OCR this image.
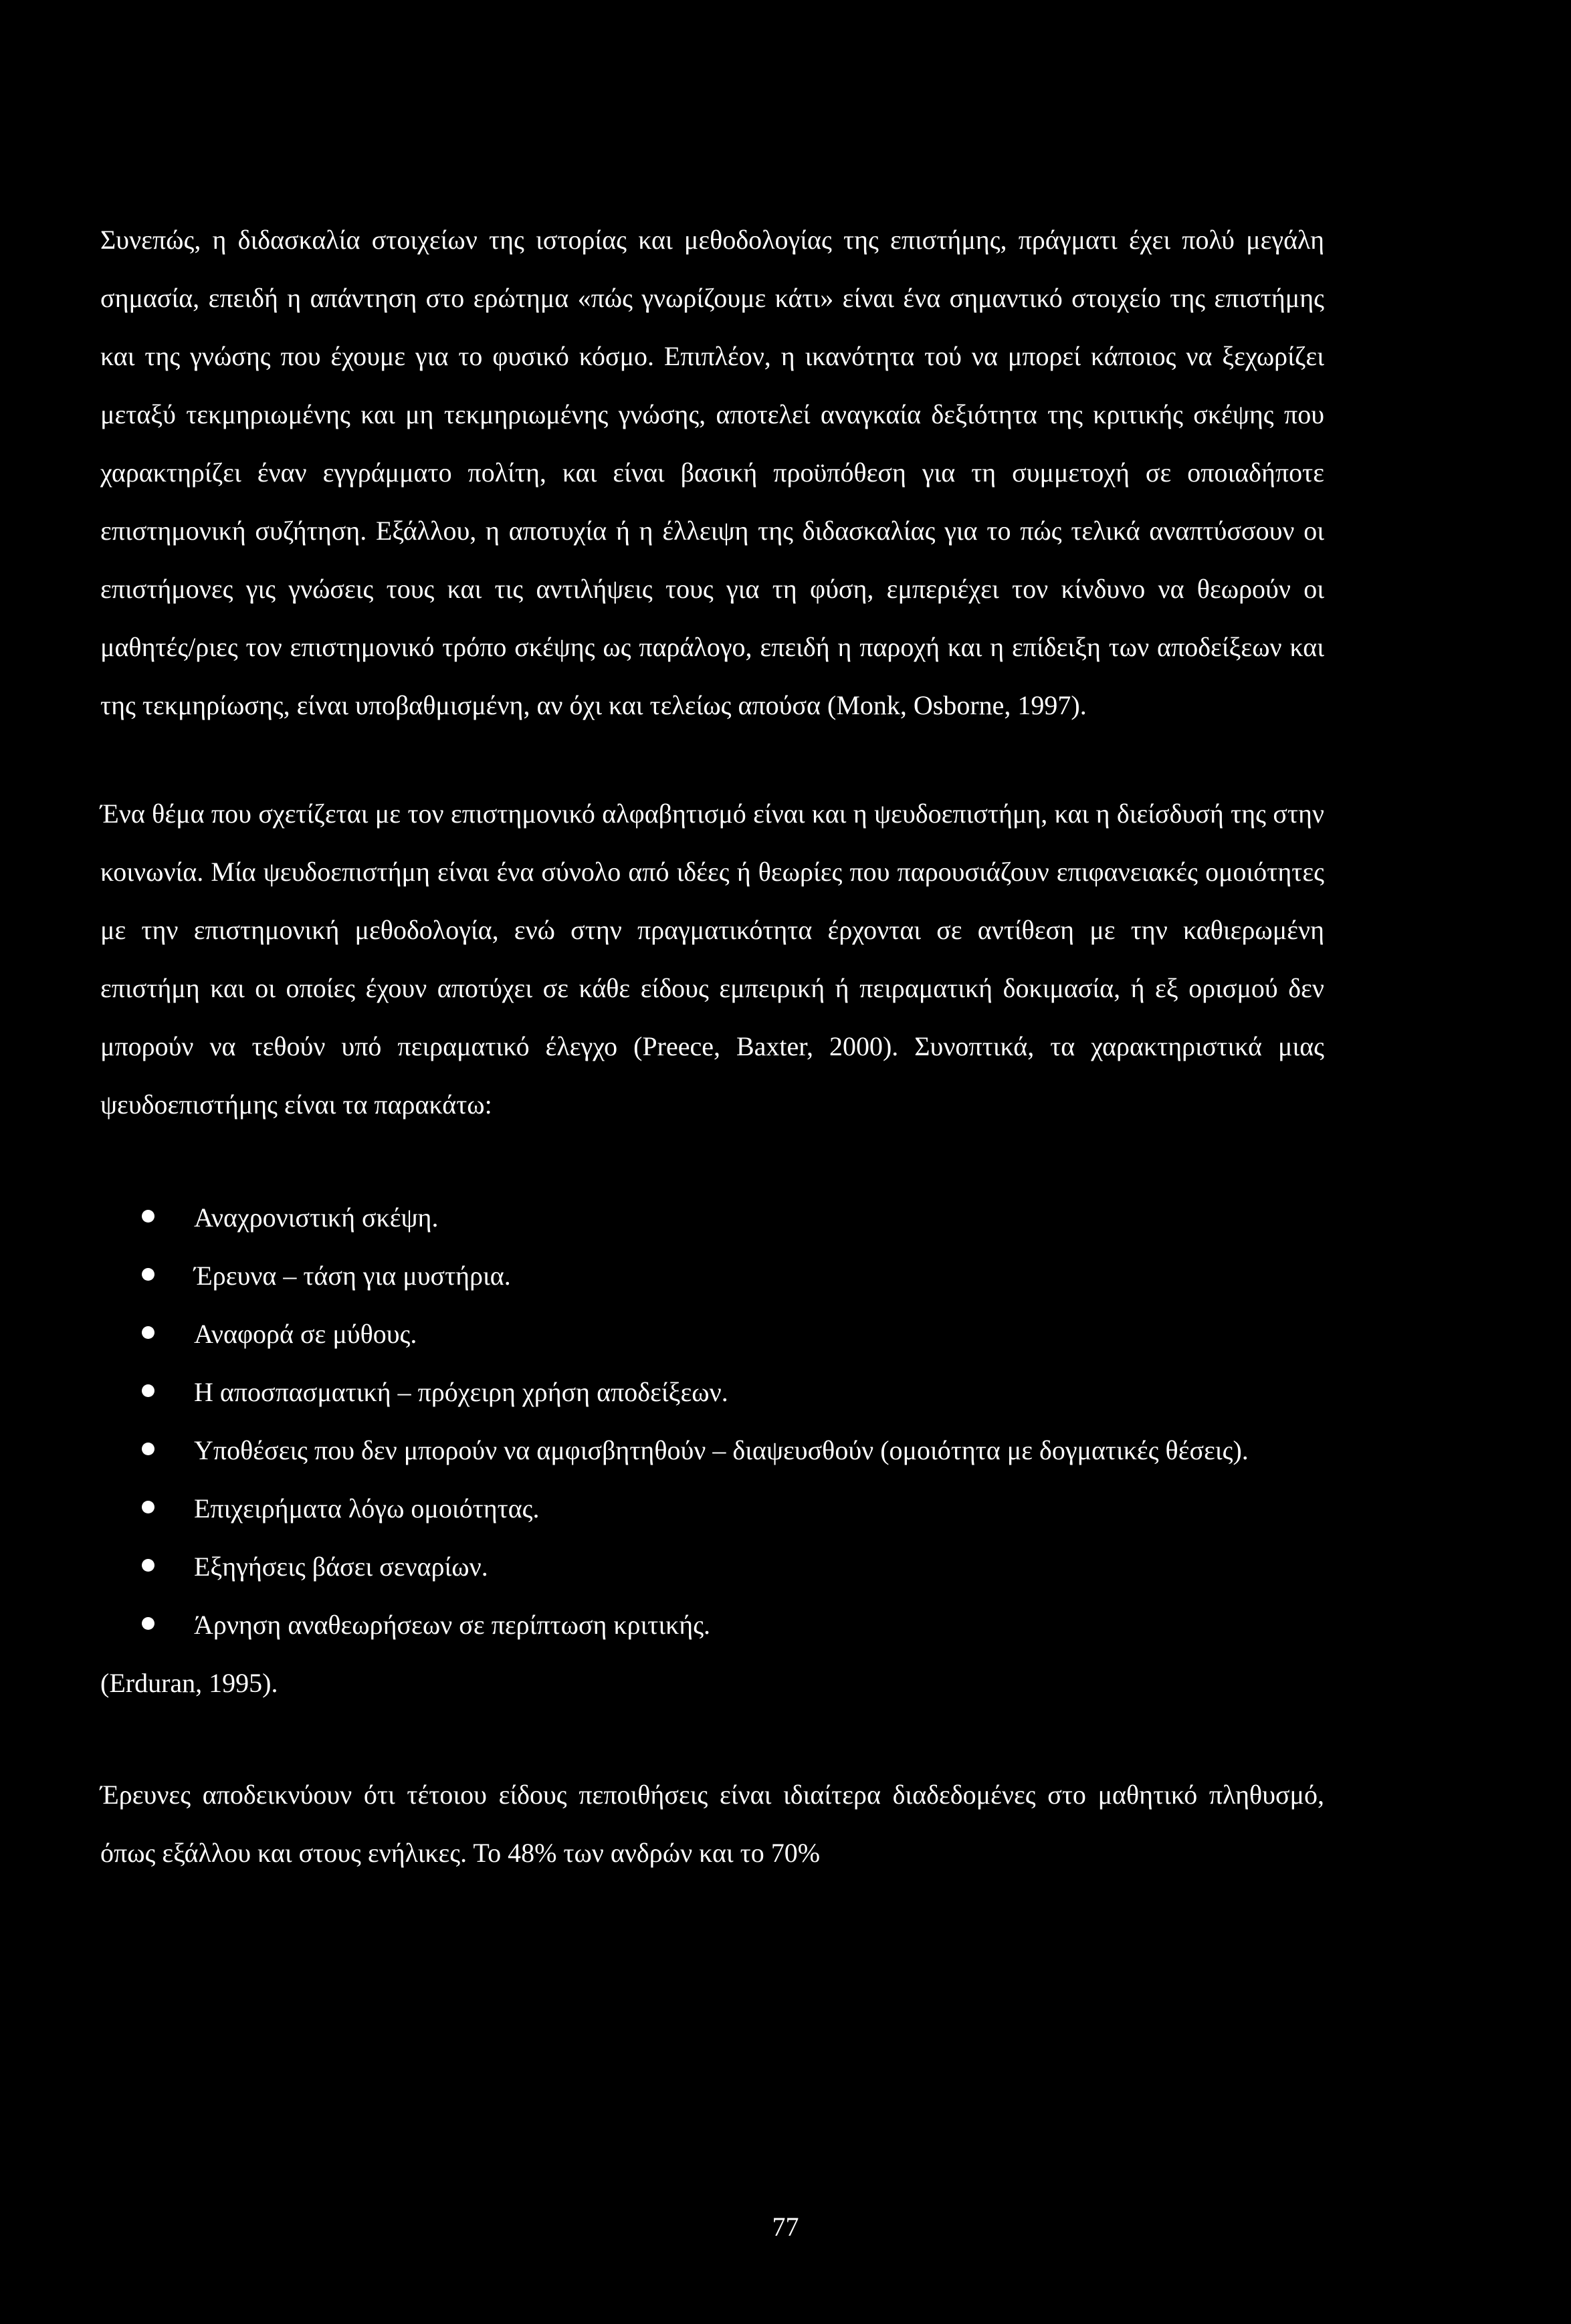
Συνεπώς, η διδασκαλία στοιχείων της ιστορίας και μεθοδολογίας της επιστήμης, πράγματι έχει πολύ μεγάλη σημασία, επειδή η απάντηση στο ερώτημα «πώς γνωρίζουμε κάτι» είναι ένα σημαντικό στοιχείο της επιστήμης και της γνώσης που έχουμε για το φυσικό κόσμο. Επιπλέον, η ικανότητα τού να μπορεί κάποιος να ξεχωρίζει μεταξύ τεκμηριωμένης και μη τεκμηριωμένης γνώσης, αποτελεί αναγκαία δεξιότητα της κριτικής σκέψης που χαρακτηρίζει έναν εγγράμματο πολίτη, και είναι βασική προϋπόθεση για τη συμμετοχή σε οποιαδήποτε επιστημονική συζήτηση. Εξάλλου, η αποτυχία ή η έλλειψη της διδασκαλίας για το πώς τελικά αναπτύσσουν οι επιστήμονες γις γνώσεις τους και τις αντιλήψεις τους για τη φύση, εμπεριέχει τον κίνδυνο να θεωρούν οι μαθητές/ριες τον επιστημονικό τρόπο σκέψης ως παράλογο, επειδή η παροχή και η επίδειξη των αποδείξεων και της τεκμηρίωσης, είναι υποβαθμισμένη, αν όχι και τελείως απούσα (Monk, Osborne, 1997).

Ένα θέμα που σχετίζεται με τον επιστημονικό αλφαβητισμό είναι και η ψευδοεπιστήμη, και η διείσδυσή της στην κοινωνία. Μία ψευδοεπιστήμη είναι ένα σύνολο από ιδέες ή θεωρίες που παρουσιάζουν επιφανειακές ομοιότητες με την επιστημονική μεθοδολογία, ενώ στην πραγματικότητα έρχονται σε αντίθεση με την καθιερωμένη επιστήμη και οι οποίες έχουν αποτύχει σε κάθε είδους εμπειρική ή πειραματική δοκιμασία, ή εξ ορισμού δεν μπορούν να τεθούν υπό πειραματικό έλεγχο (Preece, Baxter, 2000). Συνοπτικά, τα χαρακτηριστικά μιας ψευδοεπιστήμης είναι τα παρακάτω:

Αναχρονιστική σκέψη.
Έρευνα – τάση για μυστήρια.
Αναφορά σε μύθους.
Η αποσπασματική – πρόχειρη χρήση αποδείξεων.
Υποθέσεις που δεν μπορούν να αμφισβητηθούν – διαψευσθούν (ομοιότητα με δογματικές θέσεις).
Επιχειρήματα λόγω ομοιότητας.
Εξηγήσεις βάσει σεναρίων.
Άρνηση αναθεωρήσεων σε περίπτωση κριτικής.

(Erduran, 1995).

Έρευνες αποδεικνύουν ότι τέτοιου είδους πεποιθήσεις είναι ιδιαίτερα διαδεδομένες στο μαθητικό πληθυσμό, όπως εξάλλου και στους ενήλικες. Το 48% των ανδρών και το 70%

77
